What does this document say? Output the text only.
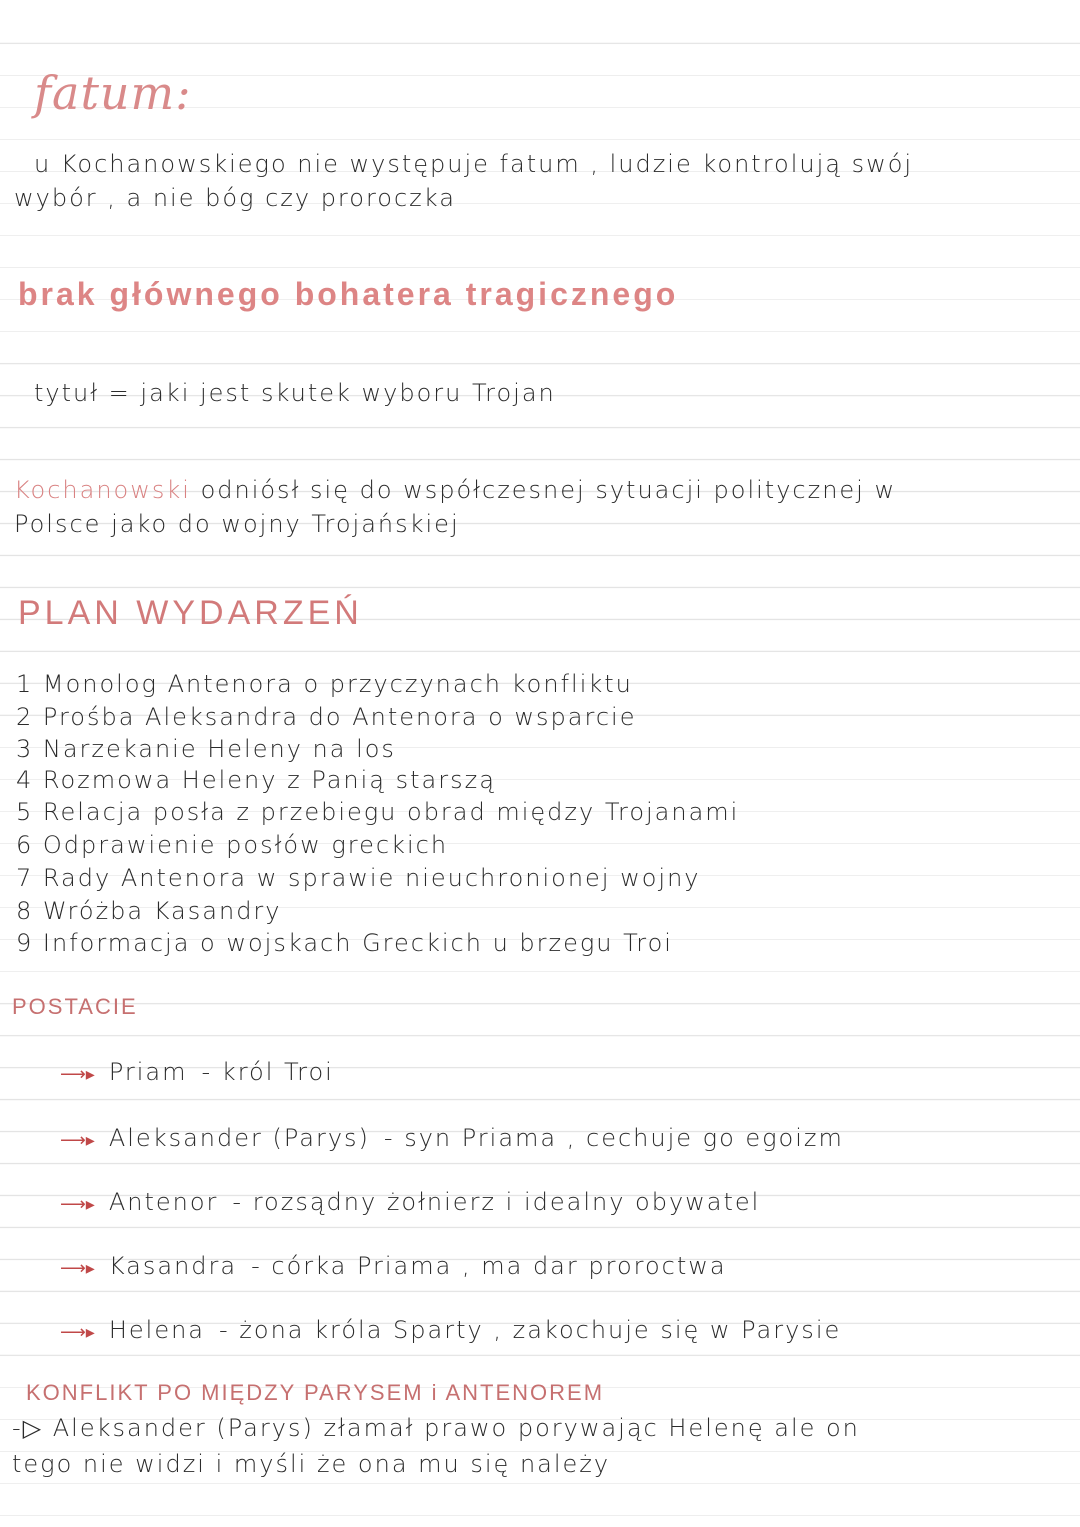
fatum:
u Kochanowskiego nie występuje fatum , ludzie kontrolują swój
wybór , a nie bóg czy proroczka
brak głównego bohatera tragicznego
tytuł = jaki jest skutek wyboru Trojan
Kochanowski odniósł się do współczesnej sytuacji politycznej w
Polsce jako do wojny Trojańskiej
PLAN WYDARZEŃ
1 Monolog Antenora o przyczynach konfliktu
2 Prośba Aleksandra do Antenora o wsparcie
3 Narzekanie Heleny na los
4 Rozmowa Heleny z Panią starszą
5 Relacja posła z przebiegu obrad między Trojanami
6 Odprawienie posłów greckich
7 Rady Antenora w sprawie nieuchronionej wojny
8 Wróżba Kasandry
9 Informacja o wojskach Greckich u brzegu Troi
POSTACIE
⟶▸ Priam - król Troi
⟶▸ Aleksander (Parys) - syn Priama , cechuje go egoizm
⟶▸ Antenor - rozsądny żołnierz i idealny obywatel
⟶▸ Kasandra - córka Priama , ma dar proroctwa
⟶▸ Helena - żona króla Sparty , zakochuje się w Parysie
KONFLIKT PO MIĘDZY PARYSEM i ANTENOREM
-▷ Aleksander (Parys) złamał prawo porywając Helenę ale on
tego nie widzi i myśli że ona mu się należy
